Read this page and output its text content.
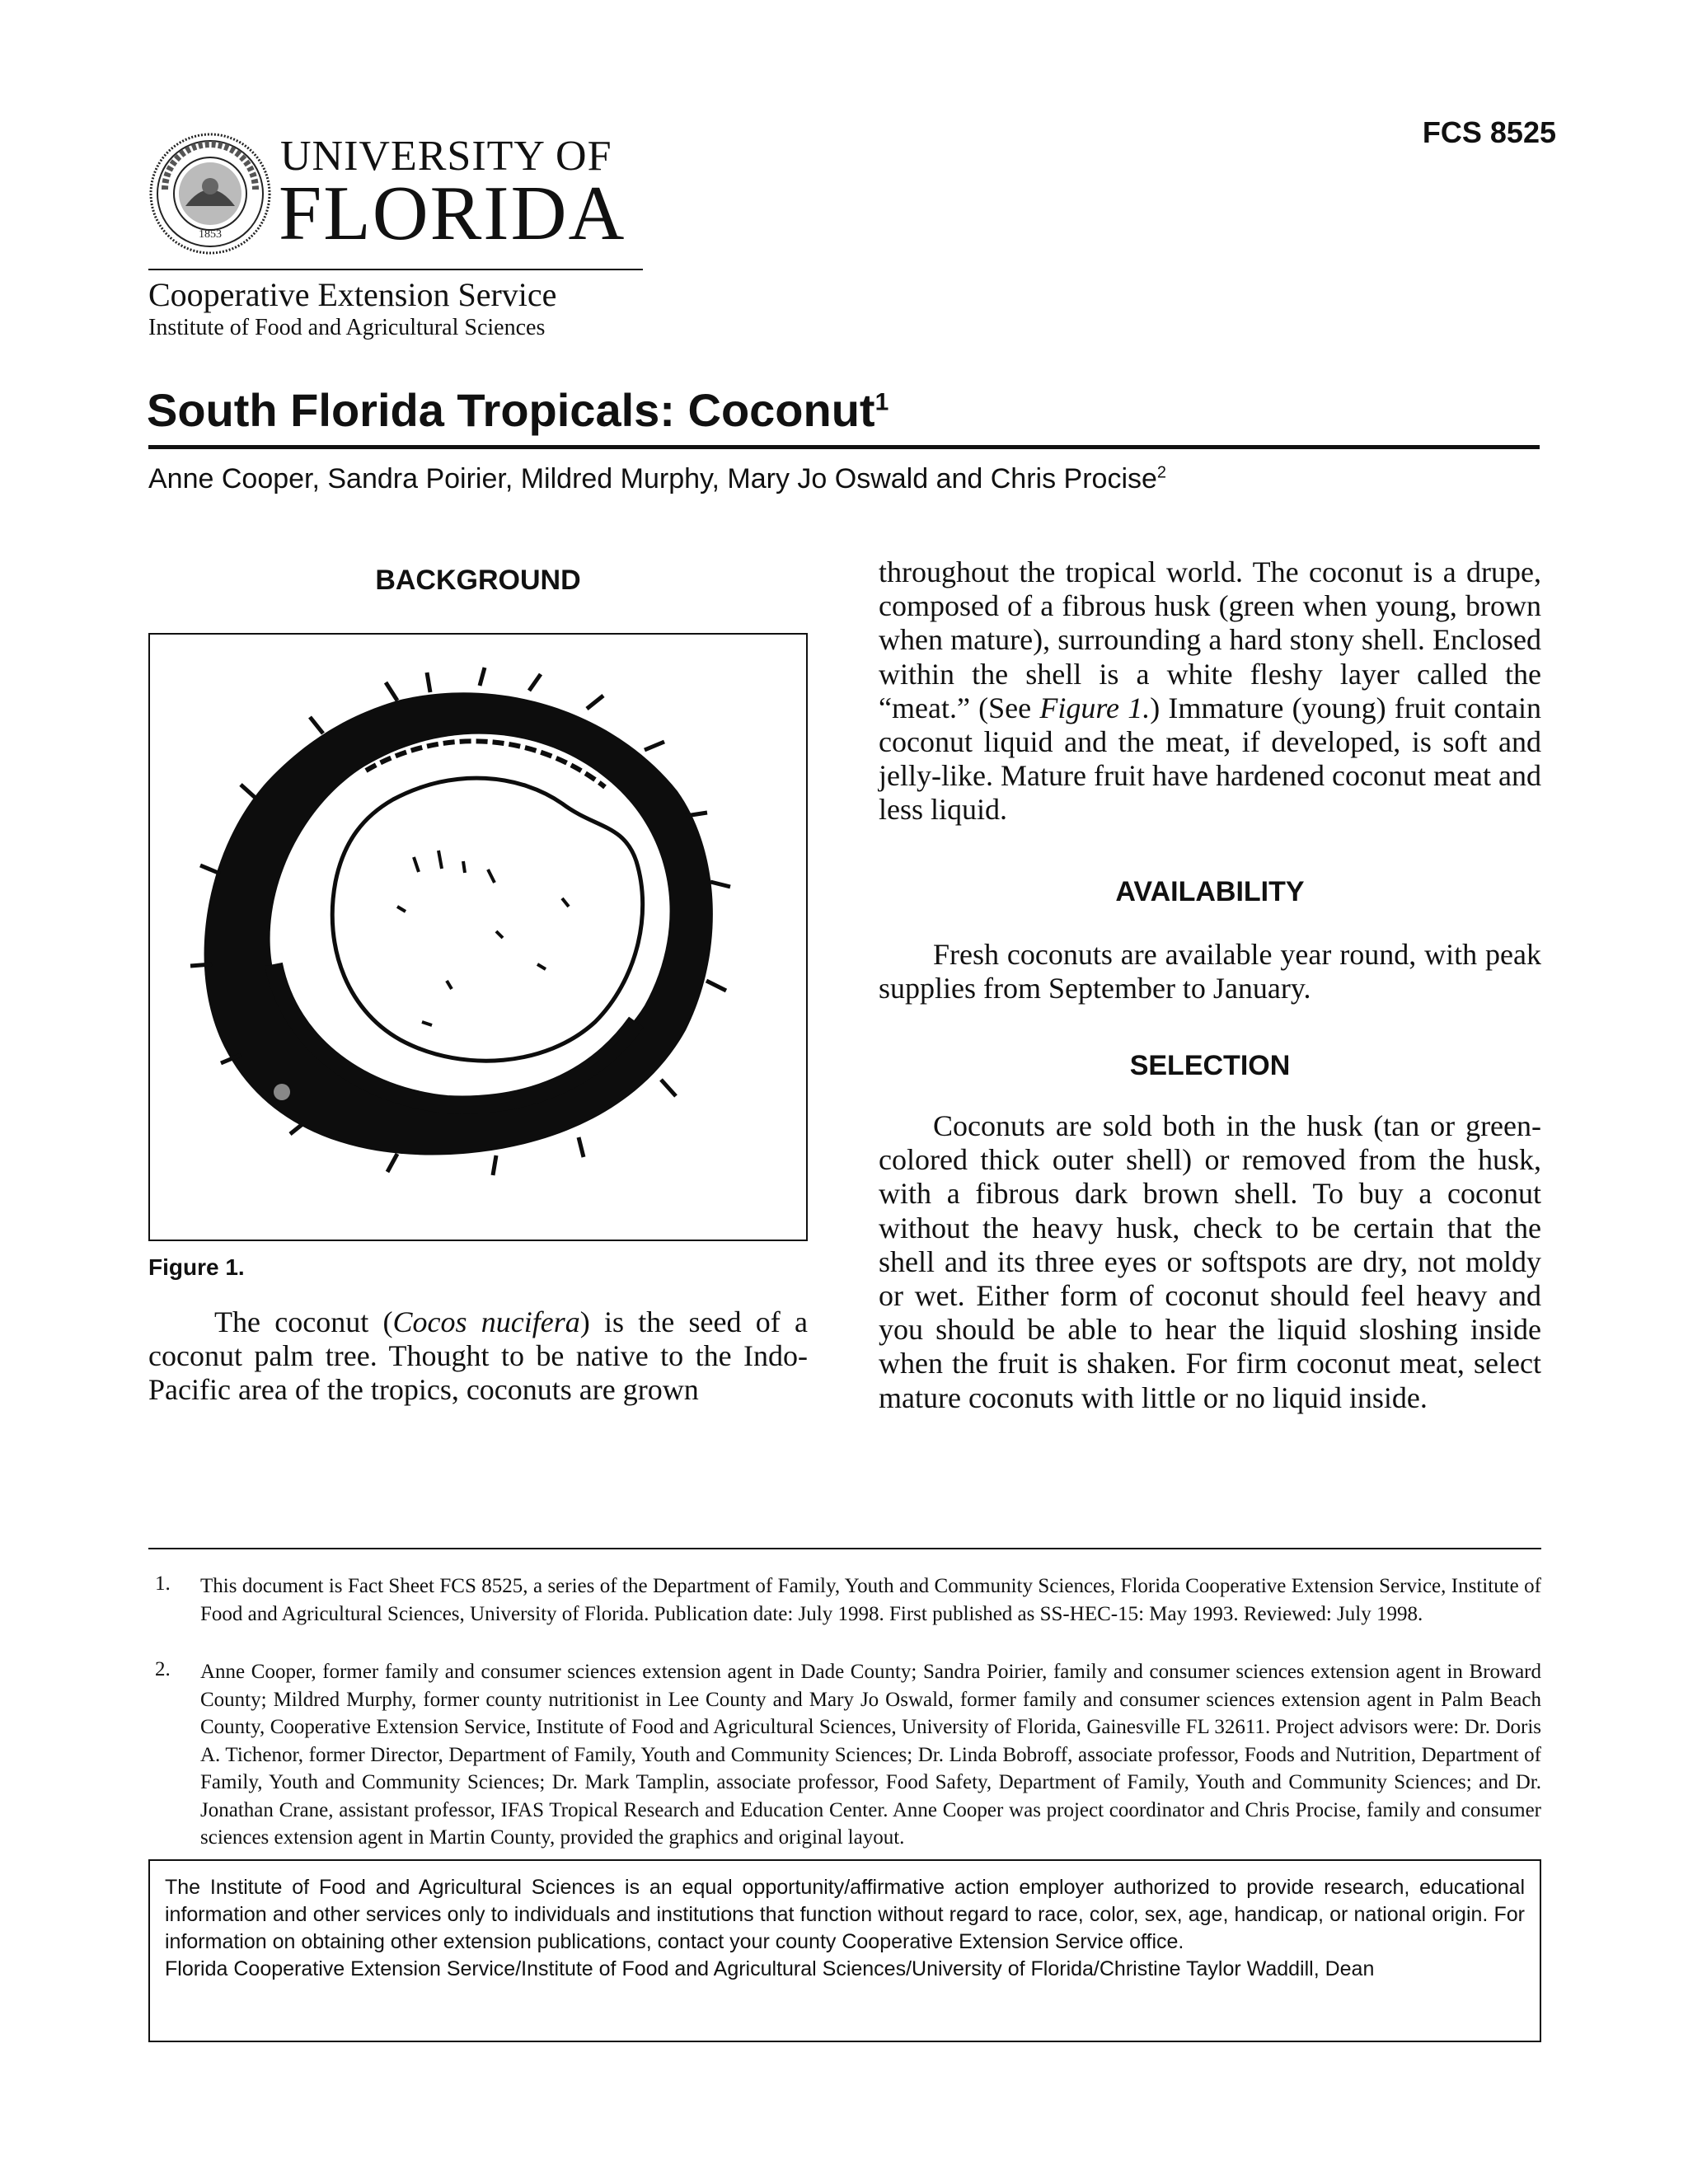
FCS 8525
1853
UNIVERSITY OF
FLORIDA
Cooperative Extension Service
Institute of Food and Agricultural Sciences
South Florida Tropicals: Coconut$^1$
Anne Cooper, Sandra Poirier, Mildred Murphy, Mary Jo Oswald and Chris Procise$^2$
BACKGROUND
Figure 1.
The coconut (Cocos nucifera) is the seed of a coconut palm tree. Thought to be native to the Indo-Pacific area of the tropics, coconuts are grown
throughout the tropical world. The coconut is a drupe, composed of a fibrous husk (green when young, brown when mature), surrounding a hard stony shell. Enclosed within the shell is a white fleshy layer called the “meat.” (See Figure 1.) Immature (young) fruit contain coconut liquid and the meat, if developed, is soft and jelly-like. Mature fruit have hardened coconut meat and less liquid.
AVAILABILITY
Fresh coconuts are available year round, with peak supplies from September to January.
SELECTION
Coconuts are sold both in the husk (tan or green-colored thick outer shell) or removed from the husk, with a fibrous dark brown shell. To buy a coconut without the heavy husk, check to be certain that the shell and its three eyes or softspots are dry, not moldy or wet. Either form of coconut should feel heavy and you should be able to hear the liquid sloshing inside when the fruit is shaken. For firm coconut meat, select mature coconuts with little or no liquid inside.
1. This document is Fact Sheet FCS 8525, a series of the Department of Family, Youth and Community Sciences, Florida Cooperative Extension Service, Institute of Food and Agricultural Sciences, University of Florida. Publication date: July 1998. First published as SS-HEC-15: May 1993. Reviewed: July 1998.
2. Anne Cooper, former family and consumer sciences extension agent in Dade County; Sandra Poirier, family and consumer sciences extension agent in Broward County; Mildred Murphy, former county nutritionist in Lee County and Mary Jo Oswald, former family and consumer sciences extension agent in Palm Beach County, Cooperative Extension Service, Institute of Food and Agricultural Sciences, University of Florida, Gainesville FL 32611. Project advisors were: Dr. Doris A. Tichenor, former Director, Department of Family, Youth and Community Sciences; Dr. Linda Bobroff, associate professor, Foods and Nutrition, Department of Family, Youth and Community Sciences; Dr. Mark Tamplin, associate professor, Food Safety, Department of Family, Youth and Community Sciences; and Dr. Jonathan Crane, assistant professor, IFAS Tropical Research and Education Center. Anne Cooper was project coordinator and Chris Procise, family and consumer sciences extension agent in Martin County, provided the graphics and original layout.

The Institute of Food and Agricultural Sciences is an equal opportunity/affirmative action employer authorized to provide research, educational information and other services only to individuals and institutions that function without regard to race, color, sex, age, handicap, or national origin. For information on obtaining other extension publications, contact your county Cooperative Extension Service office.

Florida Cooperative Extension Service/Institute of Food and Agricultural Sciences/University of Florida/Christine Taylor Waddill, Dean
